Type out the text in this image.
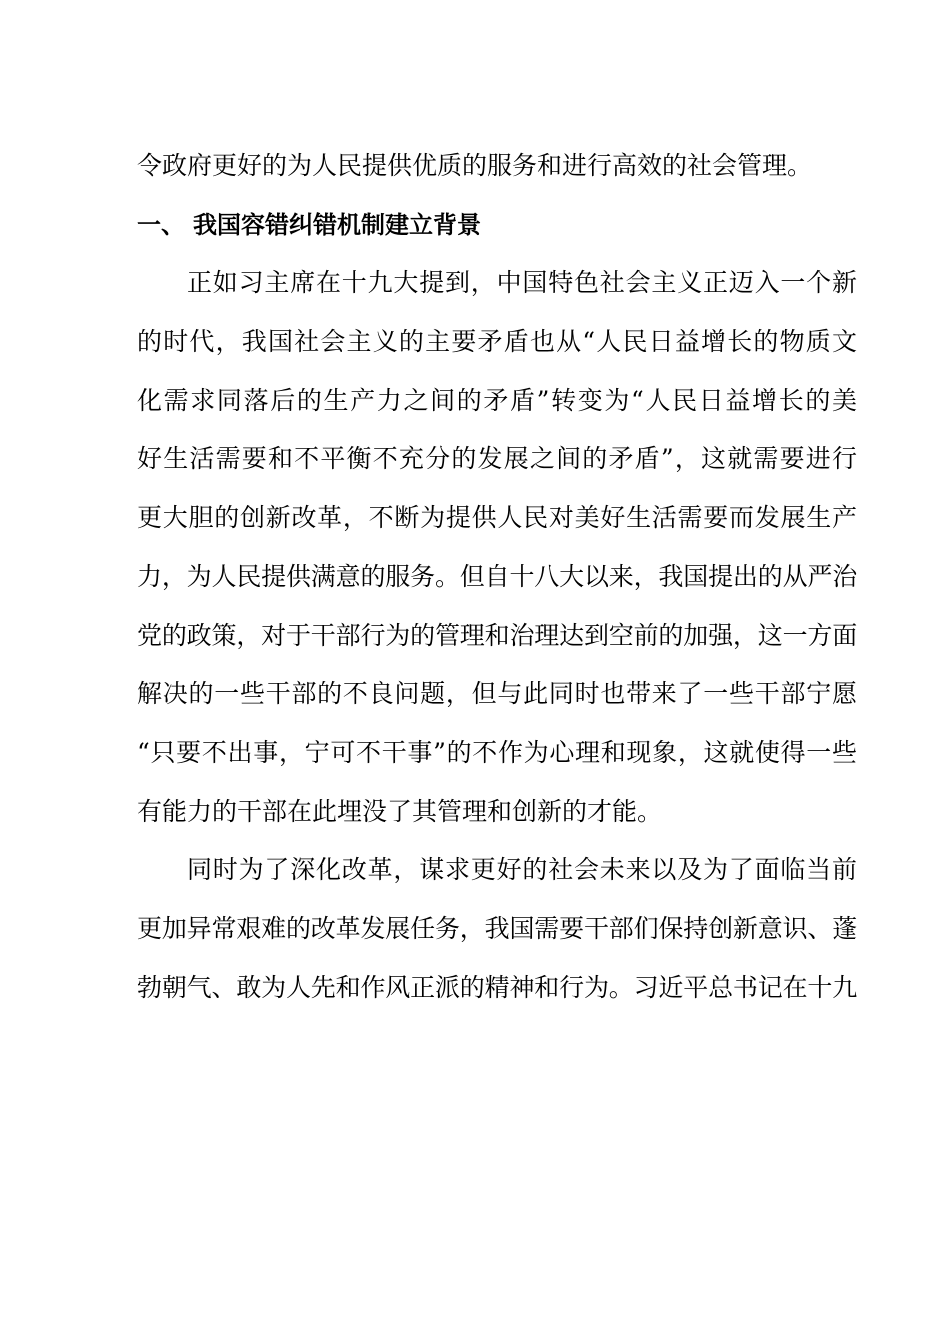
令政府更好的为人民提供优质的服务和进行高效的社会管理。
一、 我国容错纠错机制建立背景
正如习主席在十九大提到，中国特色社会主义正迈入一个新
的时代，我国社会主义的主要矛盾也从“人民日益增长的物质文
化需求同落后的生产力之间的矛盾”转变为“人民日益增长的美
好生活需要和不平衡不充分的发展之间的矛盾”，这就需要进行
更大胆的创新改革，不断为提供人民对美好生活需要而发展生产
力，为人民提供满意的服务。但自十八大以来，我国提出的从严治
党的政策，对于干部行为的管理和治理达到空前的加强，这一方面
解决的一些干部的不良问题，但与此同时也带来了一些干部宁愿
“只要不出事，宁可不干事”的不作为心理和现象，这就使得一些
有能力的干部在此埋没了其管理和创新的才能。
同时为了深化改革，谋求更好的社会未来以及为了面临当前
更加异常艰难的改革发展任务，我国需要干部们保持创新意识、蓬
勃朝气、敢为人先和作风正派的精神和行为。习近平总书记在十九
